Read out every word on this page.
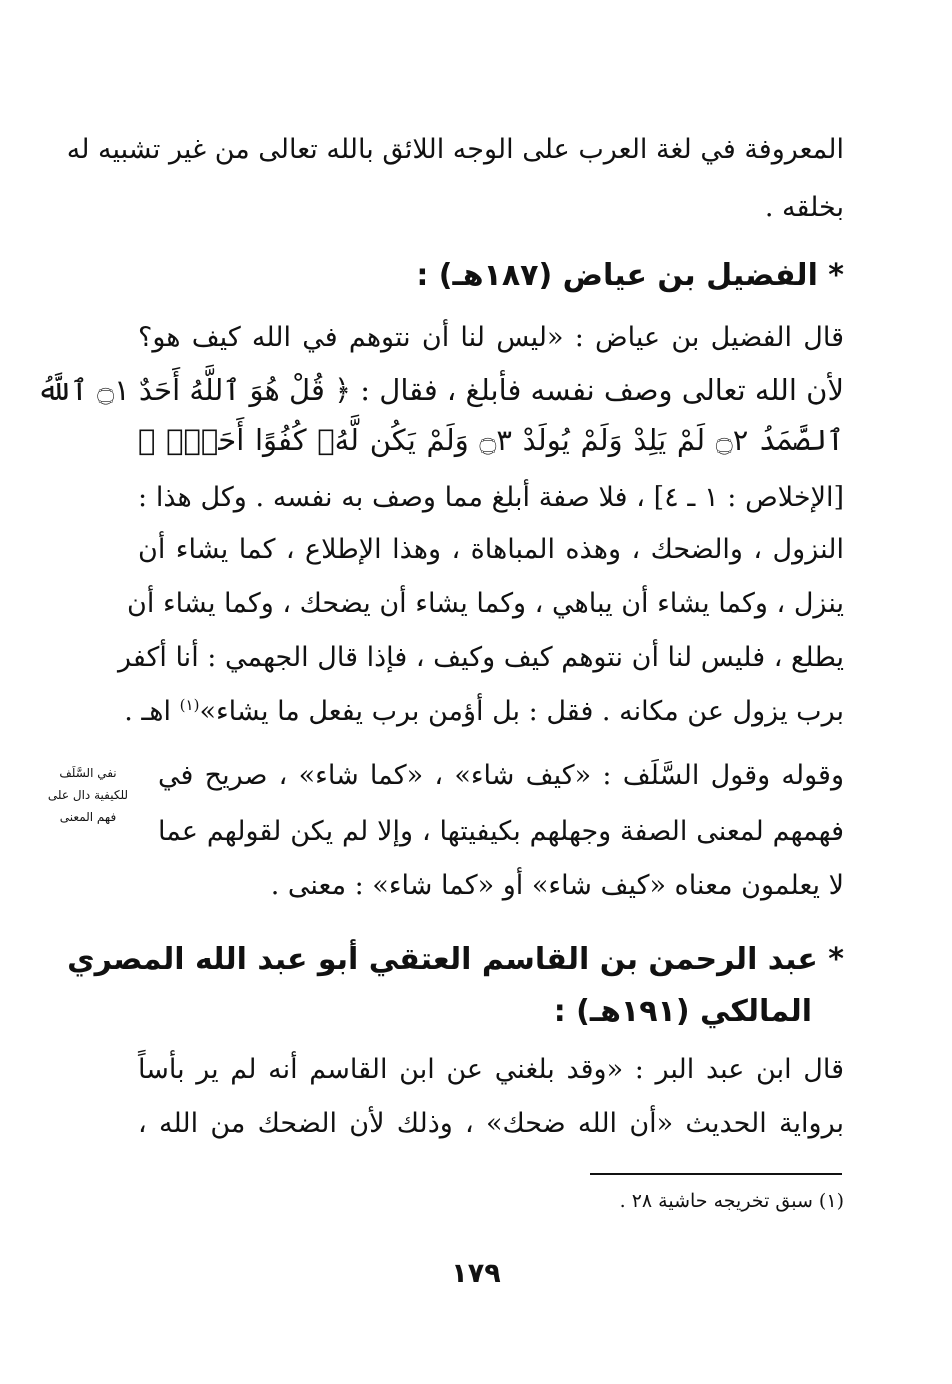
المعروفة في لغة العرب على الوجه اللائق بالله تعالى من غير تشبيه له
بخلقه .
* الفضيل بن عياض (١٨٧هـ) :
قال الفضيل بن عياض : «ليس لنا أن نتوهم في الله كيف هو؟
لأن الله تعالى وصف نفسه فأبلغ ، فقال : ﴿ قُلْ هُوَ ٱللَّهُ أَحَدٌ ۝١ ٱللَّهُ
ٱلصَّمَدُ ۝٢ لَمْ يَلِدْ وَلَمْ يُولَدْ ۝٣ وَلَمْ يَكُن لَّهُۥ كُفُوًا أَحَدٌۢ ﴾
[الإخلاص : ١ ـ ٤] ، فلا صفة أبلغ مما وصف به نفسه . وكل هذا :
النزول ، والضحك ، وهذه المباهاة ، وهذا الإطلاع ، كما يشاء أن
ينزل ، وكما يشاء أن يباهي ، وكما يشاء أن يضحك ، وكما يشاء أن
يطلع ، فليس لنا أن نتوهم كيف وكيف ، فإذا قال الجهمي : أنا أكفر
برب يزول عن مكانه . فقل : بل أؤمن برب يفعل ما يشاء»$^{(١)}$ اهـ .
وقوله وقول السَّلَف : «كيف شاء» ، «كما شاء» ، صريح في
فهمهم لمعنى الصفة وجهلهم بكيفيتها ، وإلا لم يكن لقولهم عما
لا يعلمون معناه «كيف شاء» أو «كما شاء» : معنى .
نفي السَّلَف
للكيفية دال على
فهم المعنى
* عبد الرحمن بن القاسم العتقي أبو عبد الله المصري
المالكي (١٩١هـ) :
قال ابن عبد البر : «وقد بلغني عن ابن القاسم أنه لم ير بأساً
برواية الحديث «أن الله ضحك» ، وذلك لأن الضحك من الله ،
(١) سبق تخريجه حاشية ٢٨ .
١٧٩
